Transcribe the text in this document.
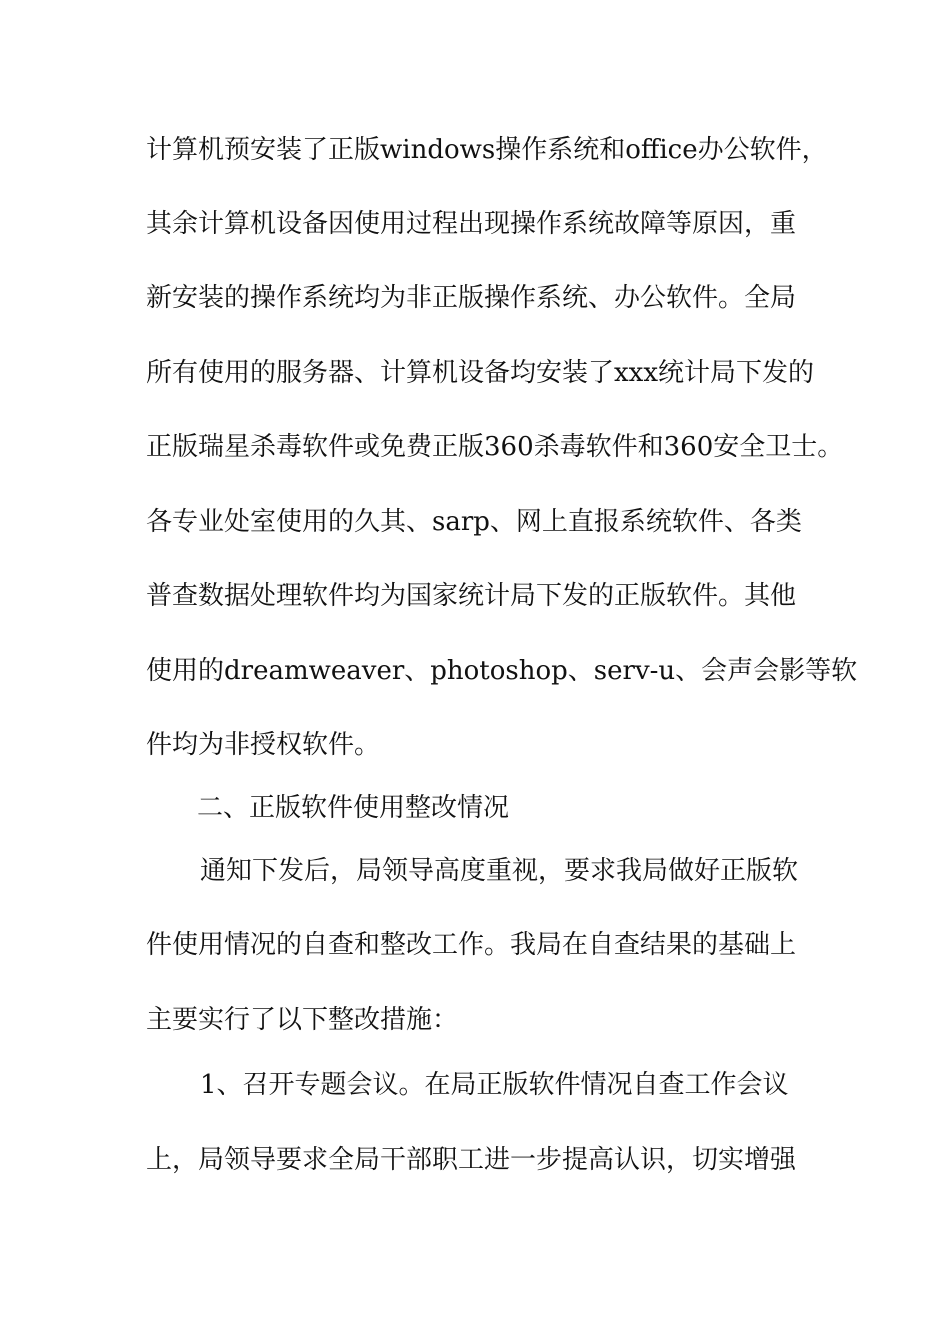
计算机预安装了正版windows操作系统和office办公软件，
其余计算机设备因使用过程出现操作系统故障等原因，重
新安装的操作系统均为非正版操作系统、办公软件。全局
所有使用的服务器、计算机设备均安装了xxx统计局下发的
正版瑞星杀毒软件或免费正版360杀毒软件和360安全卫士。
各专业处室使用的久其、sarp、网上直报系统软件、各类
普查数据处理软件均为国家统计局下发的正版软件。其他
使用的dreamweaver、photoshop、serv-u、会声会影等软
件均为非授权软件。
二、正版软件使用整改情况
通知下发后，局领导高度重视，要求我局做好正版软
件使用情况的自查和整改工作。我局在自查结果的基础上
主要实行了以下整改措施：
1、召开专题会议。在局正版软件情况自查工作会议
上，局领导要求全局干部职工进一步提高认识，切实增强
